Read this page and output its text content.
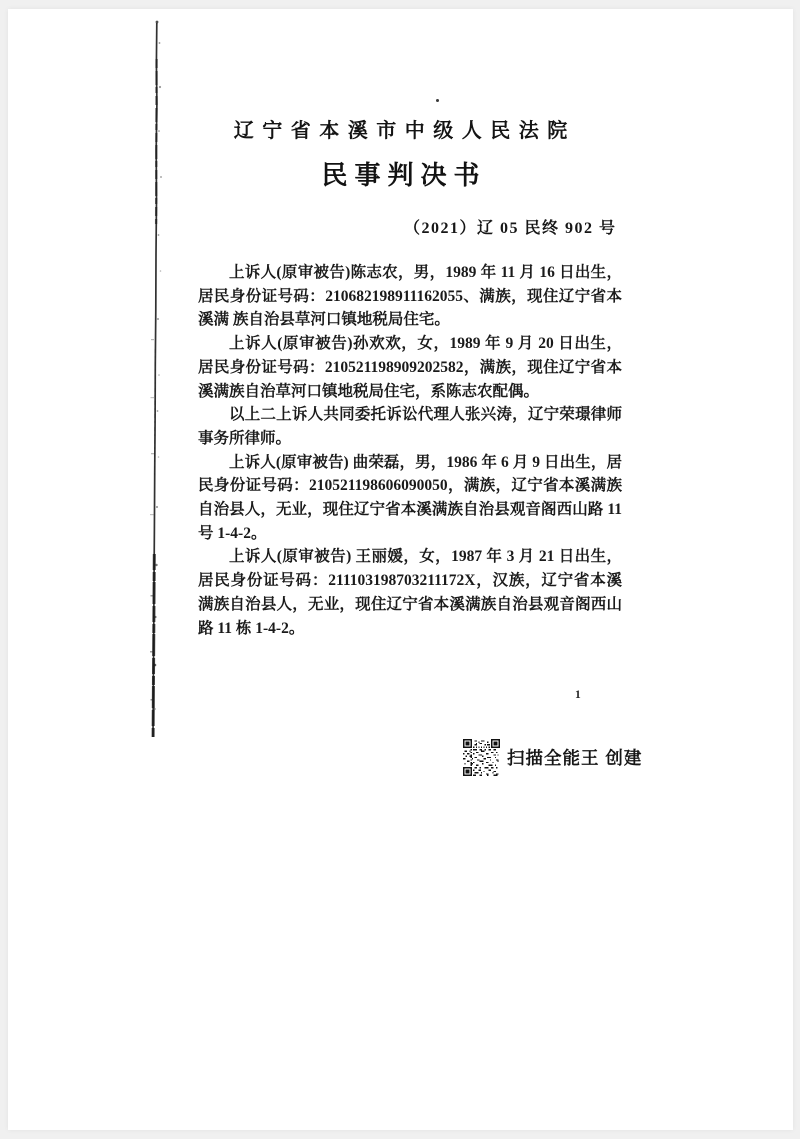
辽宁省本溪市中级人民法院
民事判决书
（2021）辽 05 民终 902 号

上诉人(原审被告)陈志农，男，1989 年 11 月 16 日出生，居民身份证号码：210682198911162055、满族，现住辽宁省本溪满 族自治县草河口镇地税局住宅。

上诉人(原审被告)孙欢欢，女，1989 年 9 月 20 日出生，居民身份证号码：210521198909202582，满族，现住辽宁省本溪满族自治草河口镇地税局住宅，系陈志农配偶。

以上二上诉人共同委托诉讼代理人张兴涛，辽宁荣璟律师事务所律师。

上诉人(原审被告) 曲荣磊，男，1986 年 6 月 9 日出生，居民身份证号码：210521198606090050，满族，辽宁省本溪满族自治县人，无业，现住辽宁省本溪满族自治县观音阁西山路 11 号 1-4-2。

上诉人(原审被告) 王丽媛，女，1987 年 3 月 21 日出生，居民身份证号码：211103198703211172X，汉族，辽宁省本溪满族自治县人，无业，现住辽宁省本溪满族自治县观音阁西山路 11 栋 1-4-2。

1
扫描全能王 创建
